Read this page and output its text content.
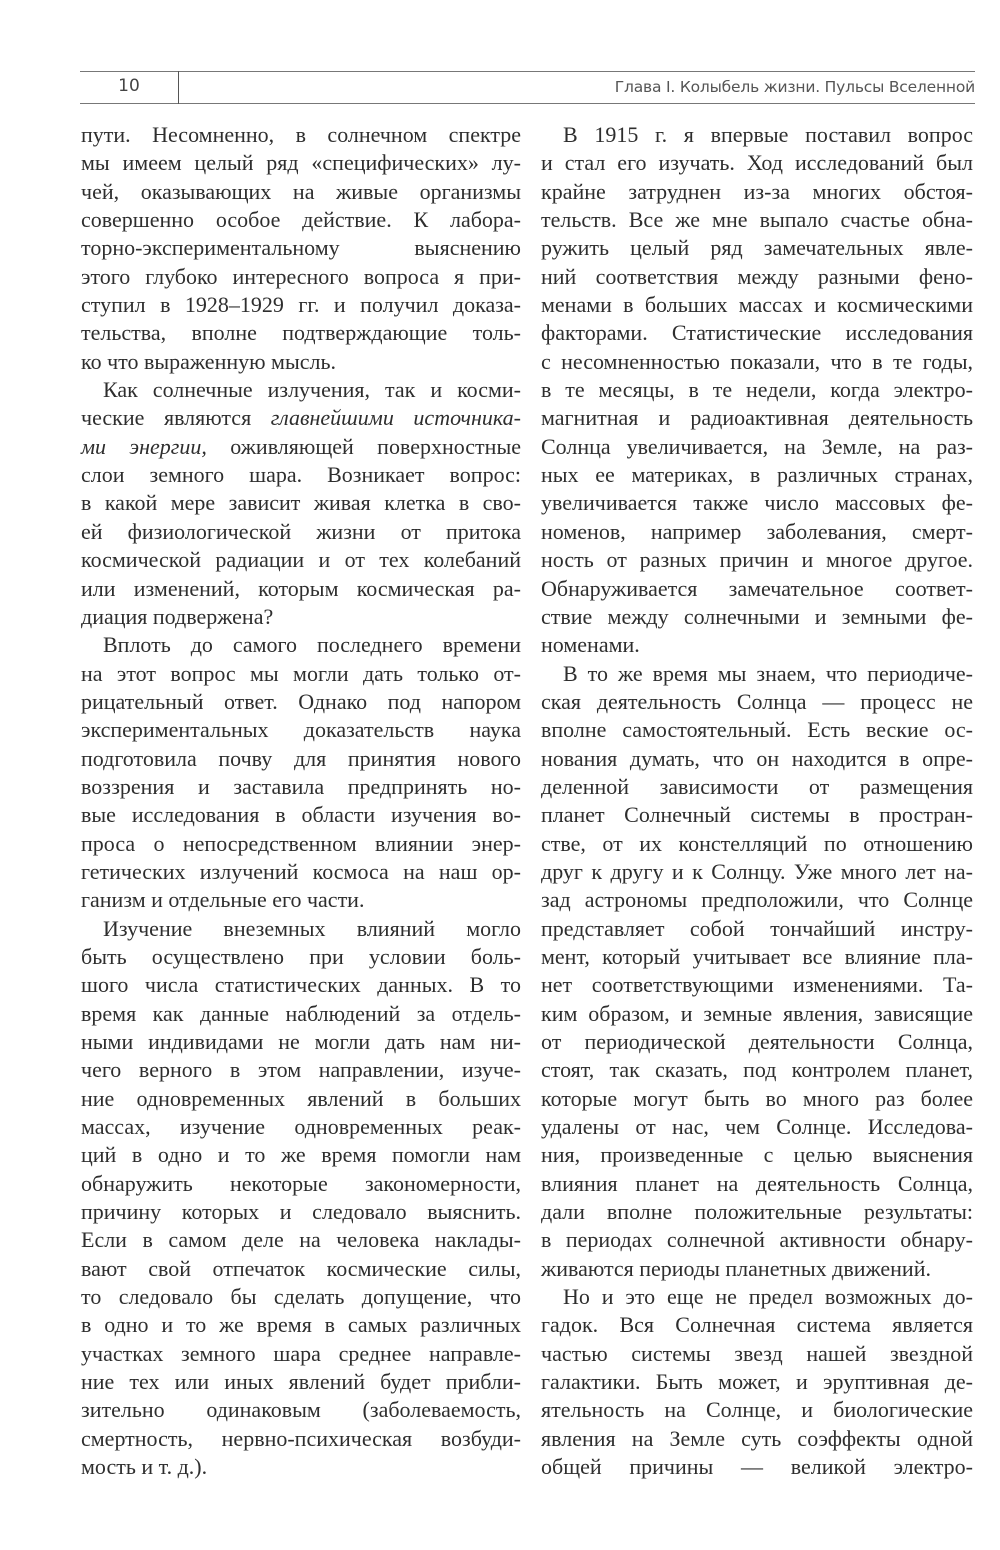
10	Глава I. Колыбель жизни. Пульсы Вселенной
пути. Несомненно, в солнечном спектре
мы имеем целый ряд «специфических» лу-
чей, оказывающих на живые организмы
совершенно особое действие. К лабора-
торно-экспериментальному выяснению
этого глубоко интересного вопроса я при-
ступил в 1928–1929 гг. и получил доказа-
тельства, вполне подтверждающие толь-
ко что выраженную мысль.
Как солнечные излучения, так и косми-
ческие являются главнейшими источника-
ми энергии, оживляющей поверхностные
слои земного шара. Возникает вопрос:
в какой мере зависит живая клетка в сво-
ей физиологической жизни от притока
космической радиации и от тех колебаний
или изменений, которым космическая ра-
диация подвержена?
Вплоть до самого последнего времени
на этот вопрос мы могли дать только от-
рицательный ответ. Однако под напором
экспериментальных доказательств наука
подготовила почву для принятия нового
воззрения и заставила предпринять но-
вые исследования в области изучения во-
проса о непосредственном влиянии энер-
гетических излучений космоса на наш ор-
ганизм и отдельные его части.
Изучение внеземных влияний могло
быть осуществлено при условии боль-
шого числа статистических данных. В то
время как данные наблюдений за отдель-
ными индивидами не могли дать нам ни-
чего верного в этом направлении, изуче-
ние одновременных явлений в больших
массах, изучение одновременных реак-
ций в одно и то же время помогли нам
обнаружить некоторые закономерности,
причину которых и следовало выяснить.
Если в самом деле на человека наклады-
вают свой отпечаток космические силы,
то следовало бы сделать допущение, что
в одно и то же время в самых различных
участках земного шара среднее направле-
ние тех или иных явлений будет прибли-
зительно одинаковым (заболеваемость,
смертность, нервно-психическая возбуди-
мость и т. д.).
В 1915 г. я впервые поставил вопрос
и стал его изучать. Ход исследований был
крайне затруднен из-за многих обстоя-
тельств. Все же мне выпало счастье обна-
ружить целый ряд замечательных явле-
ний соответствия между разными фено-
менами в больших массах и космическими
факторами. Статистические исследования
с несомненностью показали, что в те годы,
в те месяцы, в те недели, когда электро-
магнитная и радиоактивная деятельность
Солнца увеличивается, на Земле, на раз-
ных ее материках, в различных странах,
увеличивается также число массовых фе-
номенов, например заболевания, смерт-
ность от разных причин и многое другое.
Обнаруживается замечательное соответ-
ствие между солнечными и земными фе-
номенами.
В то же время мы знаем, что периодиче-
ская деятельность Солнца — процесс не
вполне самостоятельный. Есть веские ос-
нования думать, что он находится в опре-
деленной зависимости от размещения
планет Солнечный системы в простран-
стве, от их констелляций по отношению
друг к другу и к Солнцу. Уже много лет на-
зад астрономы предположили, что Солнце
представляет собой тончайший инстру-
мент, который учитывает все влияние пла-
нет соответствующими изменениями. Та-
ким образом, и земные явления, зависящие
от периодической деятельности Солнца,
стоят, так сказать, под контролем планет,
которые могут быть во много раз более
удалены от нас, чем Солнце. Исследова-
ния, произведенные с целью выяснения
влияния планет на деятельность Солнца,
дали вполне положительные результаты:
в периодах солнечной активности обнару-
живаются периоды планетных движений.
Но и это еще не предел возможных до-
гадок. Вся Солнечная система является
частью системы звезд нашей звездной
галактики. Быть может, и эруптивная де-
ятельность на Солнце, и биологические
явления на Земле суть соэффекты одной
общей причины — великой электро-
